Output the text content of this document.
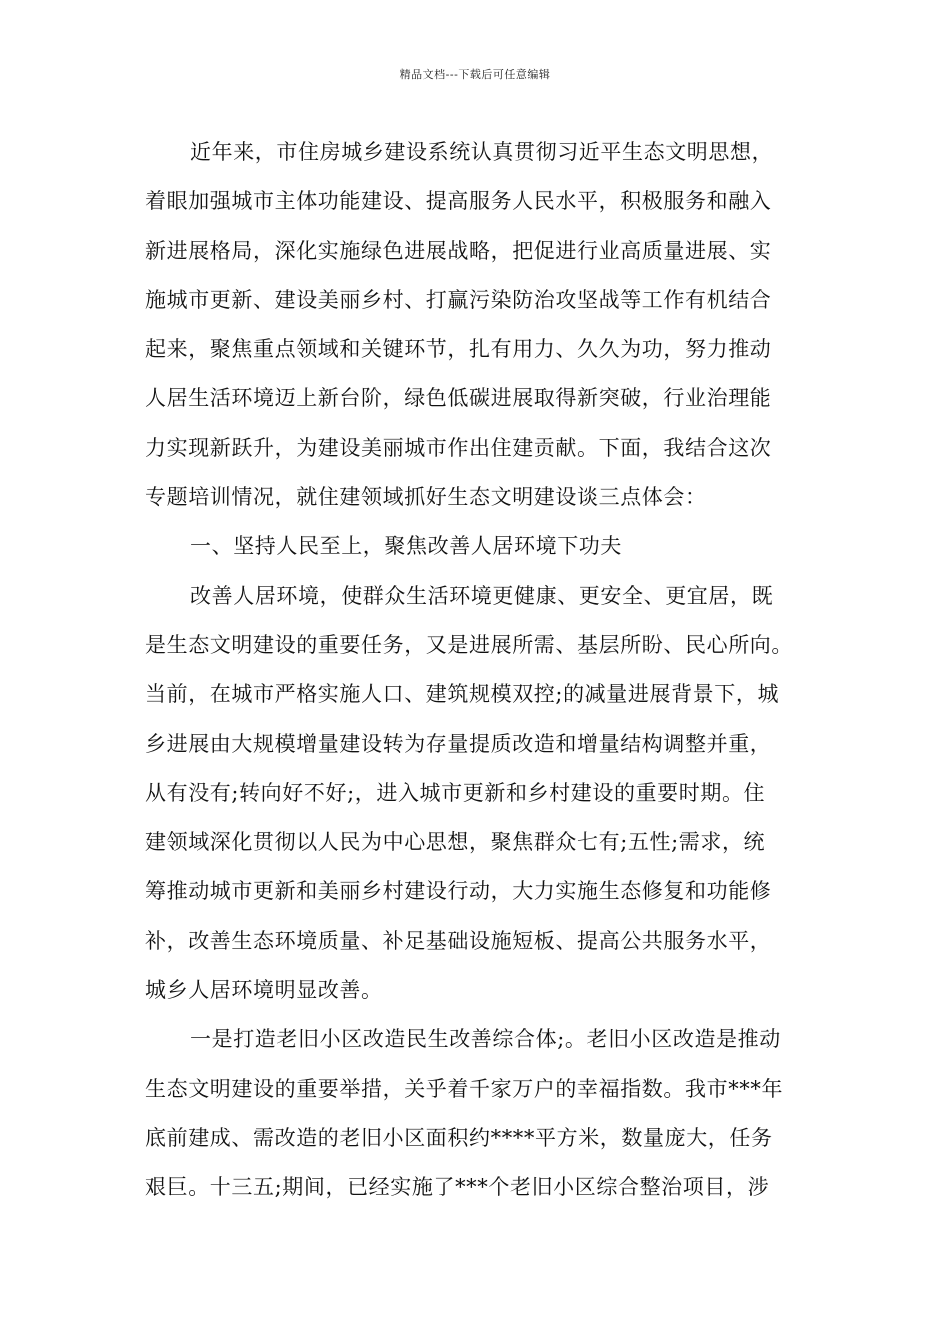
精品文档---下载后可任意编辑
近年来，市住房城乡建设系统认真贯彻习近平生态文明思想，
着眼加强城市主体功能建设、提高服务人民水平，积极服务和融入
新进展格局，深化实施绿色进展战略，把促进行业高质量进展、实
施城市更新、建设美丽乡村、打赢污染防治攻坚战等工作有机结合
起来，聚焦重点领域和关键环节，扎有用力、久久为功，努力推动
人居生活环境迈上新台阶，绿色低碳进展取得新突破，行业治理能
力实现新跃升，为建设美丽城市作出住建贡献。下面，我结合这次
专题培训情况，就住建领域抓好生态文明建设谈三点体会：
一、坚持人民至上，聚焦改善人居环境下功夫
改善人居环境，使群众生活环境更健康、更安全、更宜居，既
是生态文明建设的重要任务，又是进展所需、基层所盼、民心所向。
当前，在城市严格实施人口、建筑规模双控;的减量进展背景下，城
乡进展由大规模增量建设转为存量提质改造和增量结构调整并重，
从有没有;转向好不好;，进入城市更新和乡村建设的重要时期。住
建领域深化贯彻以人民为中心思想，聚焦群众七有;五性;需求，统
筹推动城市更新和美丽乡村建设行动，大力实施生态修复和功能修
补，改善生态环境质量、补足基础设施短板、提高公共服务水平，
城乡人居环境明显改善。
一是打造老旧小区改造民生改善综合体;。老旧小区改造是推动
生态文明建设的重要举措，关乎着千家万户的幸福指数。我市***年
底前建成、需改造的老旧小区面积约****平方米，数量庞大，任务
艰巨。十三五;期间，已经实施了***个老旧小区综合整治项目，涉
